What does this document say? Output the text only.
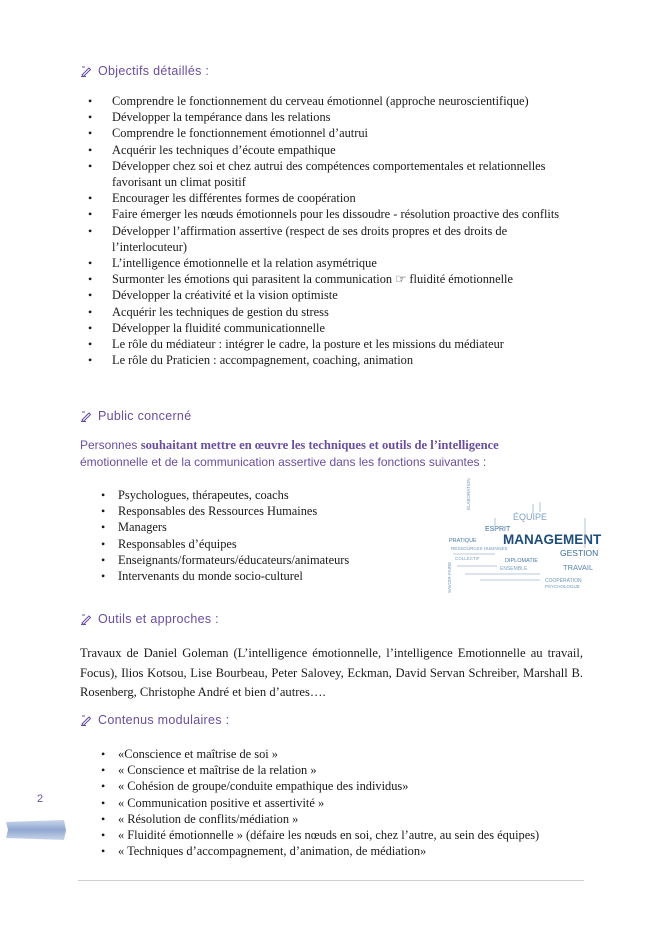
Objectifs détaillés :
• Comprendre le fonctionnement du cerveau émotionnel (approche neuroscientifique)
• Développer la tempérance dans les relations
• Comprendre le fonctionnement émotionnel d’autrui
• Acquérir les techniques d’écoute empathique
• Développer chez soi et chez autrui des compétences comportementales et relationnelles favorisant un climat positif
• Encourager les différentes formes de coopération
• Faire émerger les nœuds émotionnels pour les dissoudre - résolution proactive des conflits
• Développer l’affirmation assertive (respect de ses droits propres et des droits de l’interlocuteur)
• L’intelligence émotionnelle et la relation asymétrique
• Surmonter les émotions qui parasitent la communication ☞ fluidité émotionnelle
• Développer la créativité et la vision optimiste
• Acquérir les techniques de gestion du stress
• Développer la fluidité communicationnelle
• Le rôle du médiateur : intégrer le cadre, la posture et les missions du médiateur
• Le rôle du Praticien : accompagnement, coaching, animation
Public concerné
Personnes souhaitant mettre en œuvre les techniques et outils de l’intelligence
émotionnelle et de la communication assertive dans les fonctions suivantes :
• Psychologues, thérapeutes, coachs
• Responsables des Ressources Humaines
• Managers
• Responsables d’équipes
• Enseignants/formateurs/éducateurs/animateurs
• Intervenants du monde socio-culturel
ÉQUIPE
ESPRIT
MANAGEMENT
GESTION
TRAVAIL
COOPÉRATION
PSYCHOLOGUE
RESSOURCES HUMAINES
PRATIQUE
DIPLOMATIE
ENSEMBLE
COLLECTIF
ÉLABORATION
SAVOIR-FAIRE
Outils et approches :
Travaux de Daniel Goleman (L’intelligence émotionnelle, l’intelligence Emotionnelle au travail, Focus), Ilios Kotsou, Lise Bourbeau, Peter Salovey, Eckman, David Servan Schreiber, Marshall B. Rosenberg, Christophe André et bien d’autres….
Contenus modulaires :
• «Conscience et maîtrise de soi »
• « Conscience et maîtrise de la relation »
• « Cohésion de groupe/conduite empathique des individus»
• « Communication positive et assertivité »
• « Résolution de conflits/médiation »
• « Fluidité émotionnelle » (défaire les nœuds en soi, chez l’autre, au sein des équipes)
• « Techniques d’accompagnement, d’animation, de médiation»
2
